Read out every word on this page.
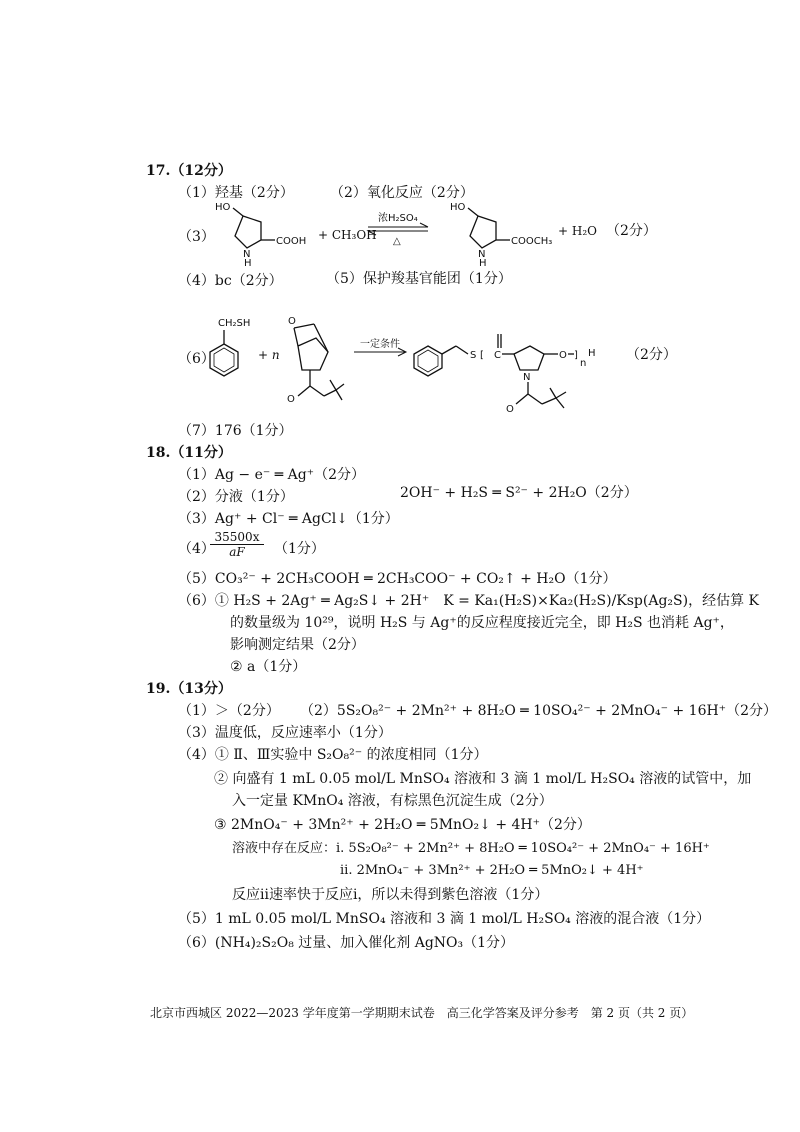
17.（12分）
（1）羟基（2分）	（2）氧化反应（2分）
（3）
HO
N
H
COOH + CH₃OH
浓H₂SO₄
△
HO
N
H
COOCH₃
+ H₂O （2分）
（4）bc（2分）	（5）保护羧基官能团（1分）
（6）
CH₂SH
+ n
O
O
一定条件
S [ C	O ]
n
H
N
O
（2分）
（7）176（1分）
18.（11分）
（1）Ag − e⁻ ═ Ag⁺（2分）
（2）分液（1分）	2OH⁻ + H₂S ═ S²⁻ + 2H₂O（2分）
（3）Ag⁺ + Cl⁻ ═ AgCl↓（1分）
（4）
$\frac{35500x}{aF} (1$分）
（5）CO₃²⁻ + 2CH₃COOH ═ 2CH₃COO⁻ + CO₂↑ + H₂O（1分）
（6）① H₂S + 2Ag⁺ ═ Ag₂S↓ + 2H⁺　K = Ka₁(H₂S)×Ka₂(H₂S)/Ksp(Ag₂S)，经估算 K
的数量级为 10²⁹，说明 H₂S 与 Ag⁺的反应程度接近完全，即 H₂S 也消耗 Ag⁺，
影响测定结果（2分）
② a（1分）
19.（13分）
（1）＞（2分） （2）5S₂O₈²⁻ + 2Mn²⁺ + 8H₂O ═ 10SO₄²⁻ + 2MnO₄⁻ + 16H⁺（2分）
（3）温度低，反应速率小（1分）
（4）① Ⅱ、Ⅲ实验中 S₂O₈²⁻ 的浓度相同（1分）
② 向盛有 1 mL 0.05 mol/L MnSO₄ 溶液和 3 滴 1 mol/L H₂SO₄ 溶液的试管中，加
入一定量 KMnO₄ 溶液，有棕黑色沉淀生成（2分）
③ 2MnO₄⁻ + 3Mn²⁺ + 2H₂O ═ 5MnO₂↓ + 4H⁺（2分）
溶液中存在反应：ⅰ. 5S₂O₈²⁻ + 2Mn²⁺ + 8H₂O ═ 10SO₄²⁻ + 2MnO₄⁻ + 16H⁺
ⅱ. 2MnO₄⁻ + 3Mn²⁺ + 2H₂O ═ 5MnO₂↓ + 4H⁺
反应ⅱ速率快于反应ⅰ，所以未得到紫色溶液（1分）
（5）1 mL 0.05 mol/L MnSO₄ 溶液和 3 滴 1 mol/L H₂SO₄ 溶液的混合液（1分）
（6）(NH₄)₂S₂O₈ 过量、加入催化剂 AgNO₃（1分）
北京市西城区 2022—2023 学年度第一学期期末试卷　高三化学答案及评分参考　第 2 页（共 2 页）
